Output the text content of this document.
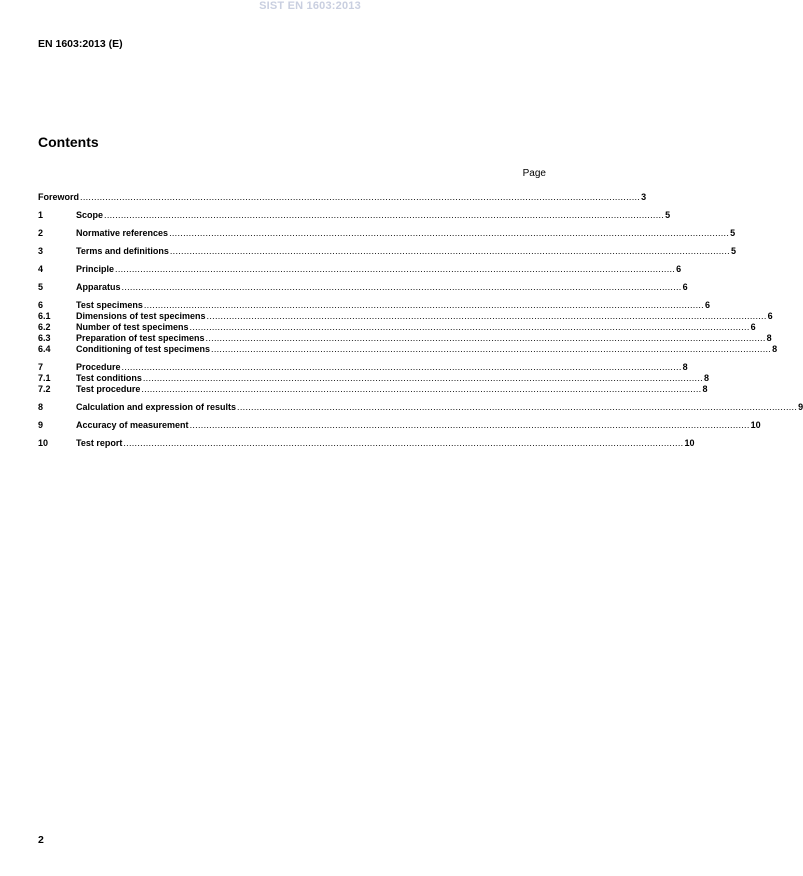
SIST EN 1603:2013
EN 1603:2013 (E)
Contents
Page
Foreword ........................................................................................................................................................................................................ 3
1	Scope ........................................................................................................................................................................................................ 5
2	Normative references ........................................................................................................................................................................................................ 5
3	Terms and definitions ........................................................................................................................................................................................................ 5
4	Principle ........................................................................................................................................................................................................ 6
5	Apparatus ........................................................................................................................................................................................................ 6
6	Test specimens ........................................................................................................................................................................................................ 6
6.1	Dimensions of test specimens ........................................................................................................................................................................................................ 6
6.2	Number of test specimens ........................................................................................................................................................................................................ 6
6.3	Preparation of test specimens ........................................................................................................................................................................................................ 8
6.4	Conditioning of test specimens ........................................................................................................................................................................................................ 8
7	Procedure ........................................................................................................................................................................................................ 8
7.1	Test conditions ........................................................................................................................................................................................................ 8
7.2	Test procedure ........................................................................................................................................................................................................ 8
8	Calculation and expression of results ........................................................................................................................................................................................................ 9
9	Accuracy of measurement ........................................................................................................................................................................................................ 10
10	Test report ........................................................................................................................................................................................................ 10
2
